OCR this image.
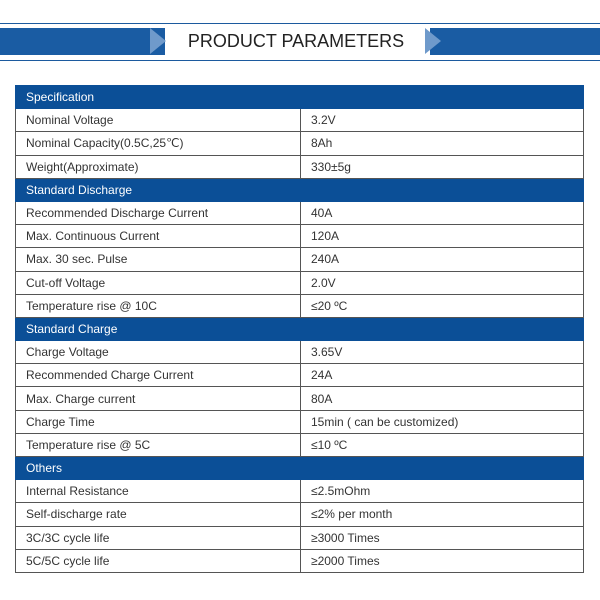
PRODUCT PARAMETERS
Specification	
Nominal Voltage	3.2V
Nominal Capacity(0.5C,25℃)	8Ah
Weight(Approximate)	330±5g
Standard Discharge	
Recommended Discharge Current	40A
Max. Continuous Current	120A
Max. 30 sec. Pulse	240A
Cut-off Voltage	2.0V
Temperature rise @ 10C	≤20 ºC
Standard Charge	
Charge Voltage	3.65V
Recommended Charge Current	24A
Max. Charge current	80A
Charge Time	15min ( can be customized)
Temperature rise @ 5C	≤10 ºC
Others	
Internal Resistance	≤2.5mOhm
Self-discharge rate	≤2% per month
3C/3C cycle life	≥3000 Times
5C/5C cycle life	≥2000 Times
